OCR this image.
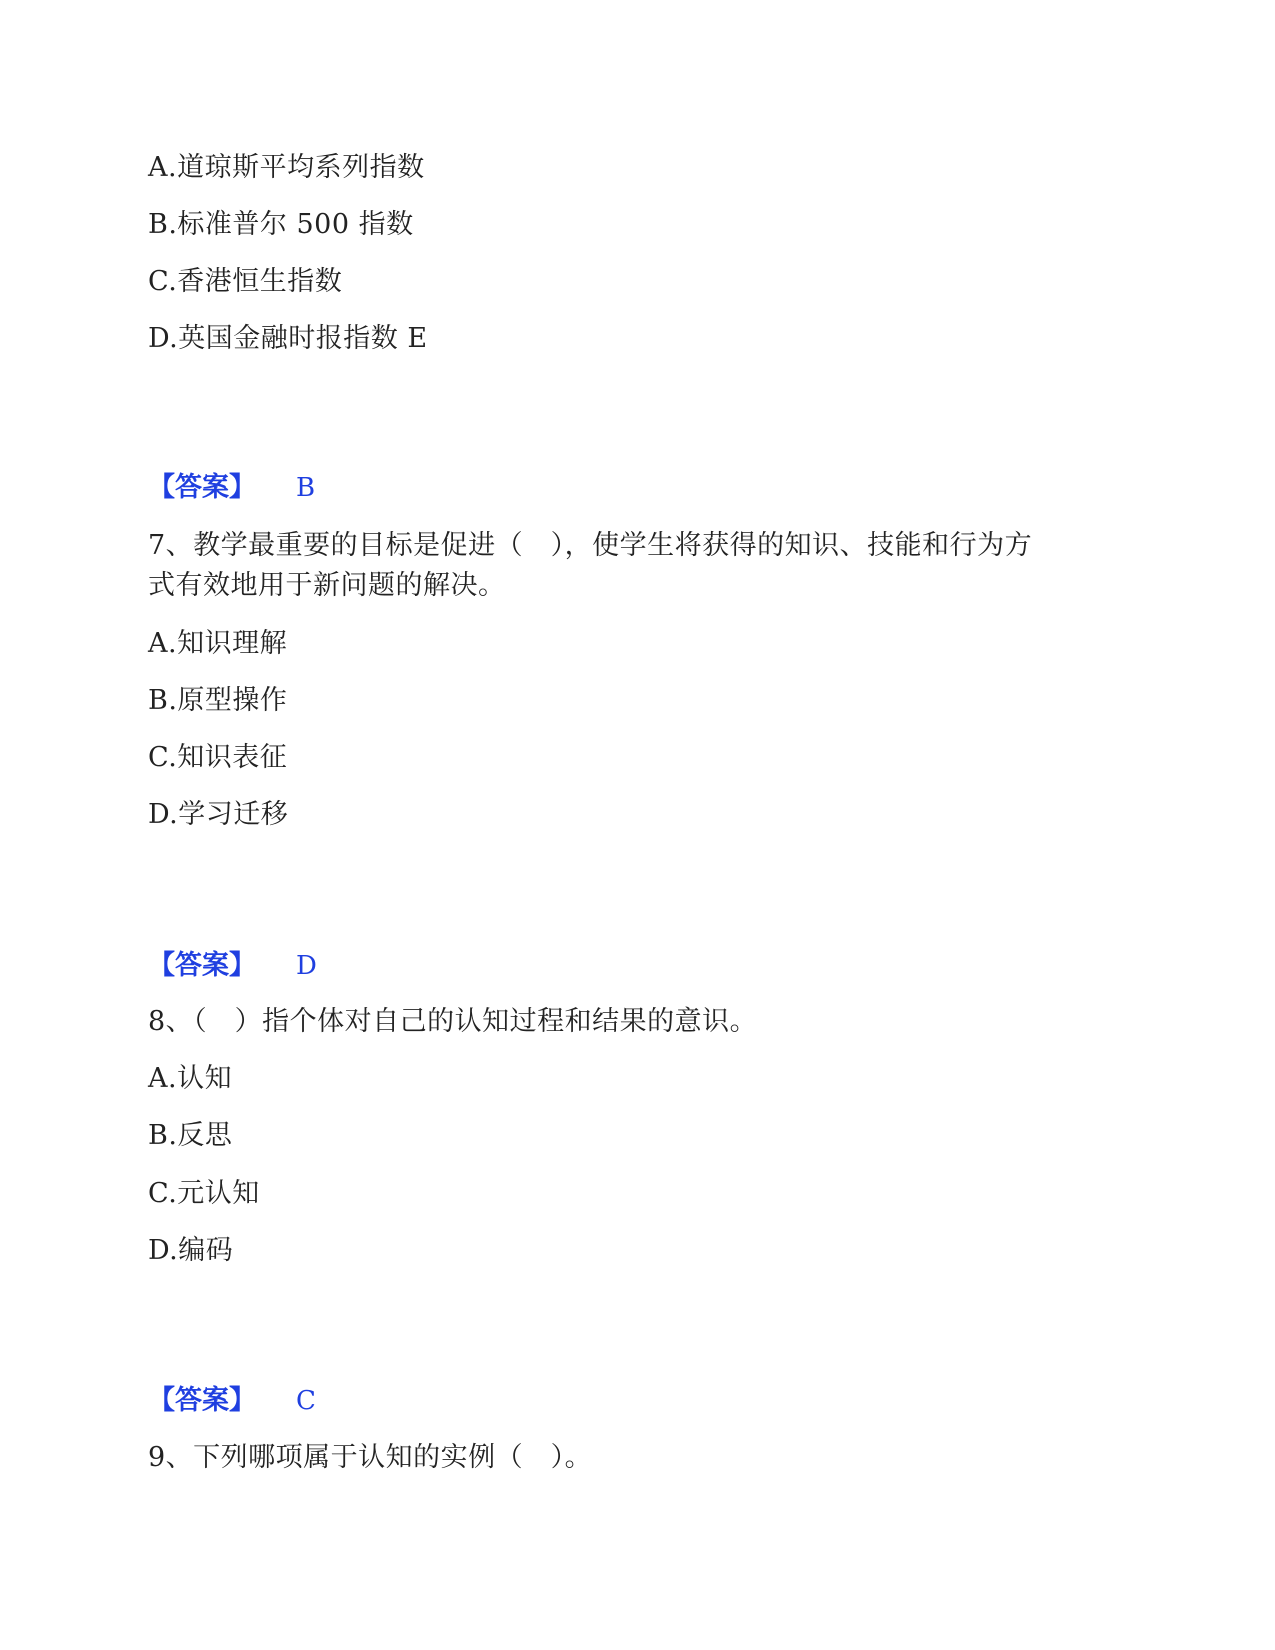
A.道琼斯平均系列指数
B.标准普尔 500 指数
C.香港恒生指数
D.英国金融时报指数 E
【答案】 B
7、教学最重要的目标是促进（　），使学生将获得的知识、技能和行为方
式有效地用于新问题的解决。
A.知识理解
B.原型操作
C.知识表征
D.学习迁移
【答案】 D
8、（　）指个体对自己的认知过程和结果的意识。
A.认知
B.反思
C.元认知
D.编码
【答案】 C
9、下列哪项属于认知的实例（　）。
